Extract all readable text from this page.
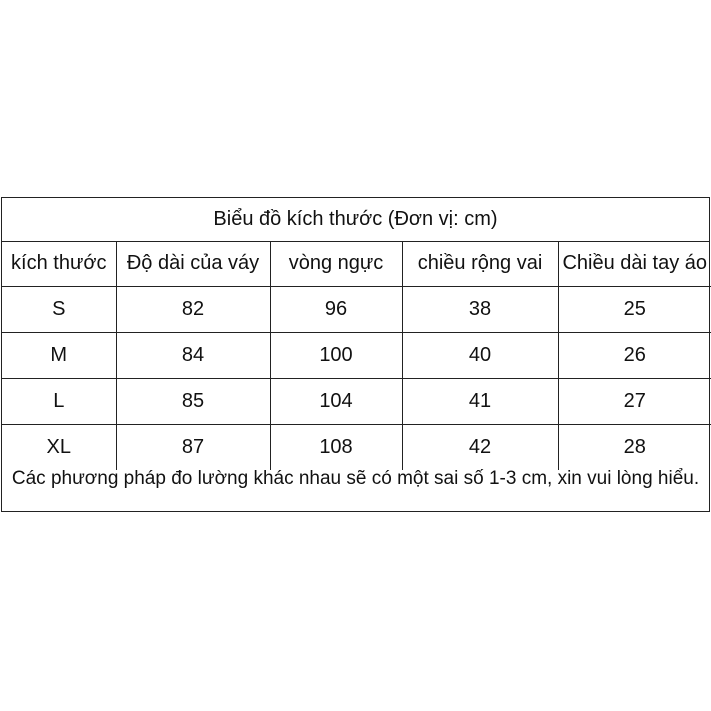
Biểu đồ kích thước (Đơn vị: cm)
kích thước	Độ dài của váy	vòng ngực	chiều rộng vai	Chiều dài tay áo
S	82	96	38	25
M	84	100	40	26
L	85	104	41	27
XL	87	108	42	28
Các phương pháp đo lường khác nhau sẽ có một sai số 1-3 cm, xin vui lòng hiểu.
